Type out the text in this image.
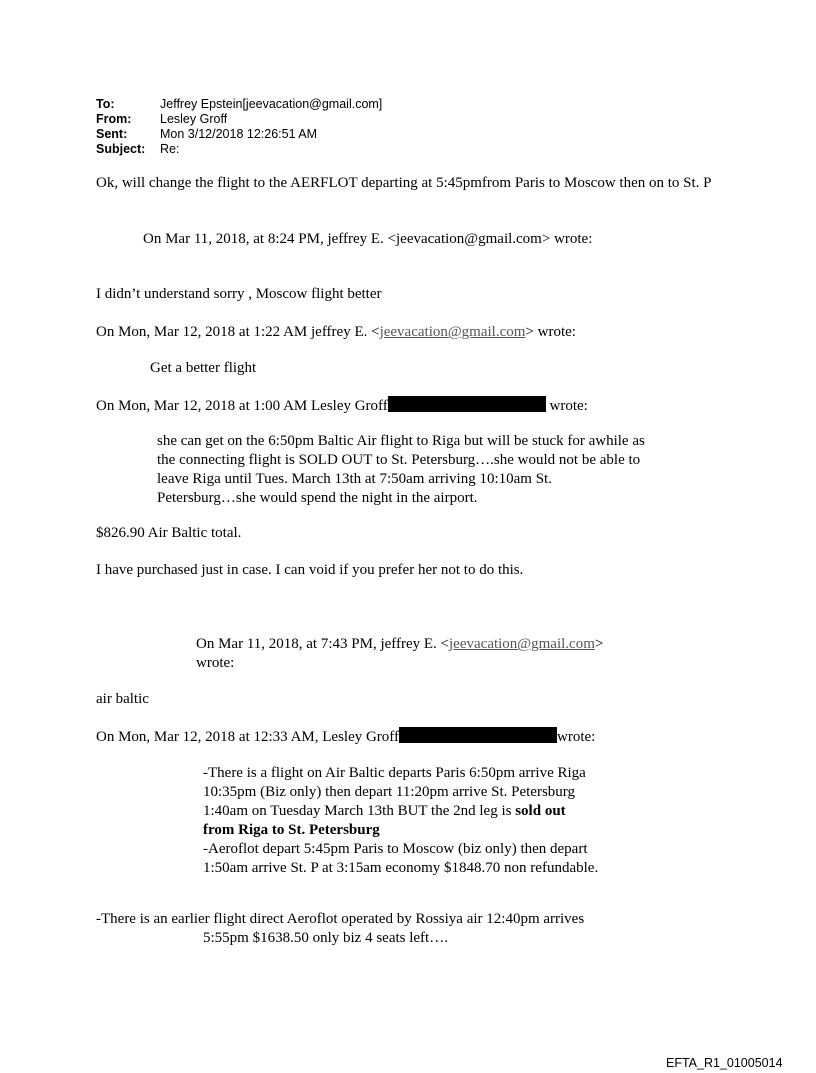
To:	Jeffrey Epstein[jeevacation@gmail.com]
From:	Lesley Groff
Sent:	Mon 3/12/2018 12:26:51 AM
Subject:	Re:

Ok, will change the flight to the AERFLOT departing at 5:45pmfrom Paris to Moscow then on to St. P

On Mar 11, 2018, at 8:24 PM, jeffrey E. <jeevacation@gmail.com> wrote:

I didn’t understand sorry , Moscow flight better

On Mon, Mar 12, 2018 at 1:22 AM jeffrey E. <jeevacation@gmail.com> wrote:

Get a better flight

On Mon, Mar 12, 2018 at 1:00 AM Lesley Groff	wrote:

she can get on the 6:50pm Baltic Air flight to Riga but will be stuck for awhile as

the connecting flight is SOLD OUT to St. Petersburg….she would not be able to

leave Riga until Tues. March 13th at 7:50am arriving 10:10am St.

Petersburg…she would spend the night in the airport.

$826.90 Air Baltic total.

I have purchased just in case. I can void if you prefer her not to do this.

On Mar 11, 2018, at 7:43 PM, jeffrey E. <jeevacation@gmail.com>

wrote:

air baltic

On Mon, Mar 12, 2018 at 12:33 AM, Lesley Groff	wrote:

-There is a flight on Air Baltic departs Paris 6:50pm arrive Riga

10:35pm (Biz only) then depart 11:20pm arrive St. Petersburg

1:40am on Tuesday March 13th BUT the 2nd leg is sold out

from Riga to St. Petersburg

-Aeroflot depart 5:45pm Paris to Moscow (biz only) then depart

1:50am arrive St. P at 3:15am economy $1848.70 non refundable.

-There is an earlier flight direct Aeroflot operated by Rossiya air 12:40pm arrives

5:55pm $1638.50 only biz 4 seats left….

EFTA_R1_01005014
